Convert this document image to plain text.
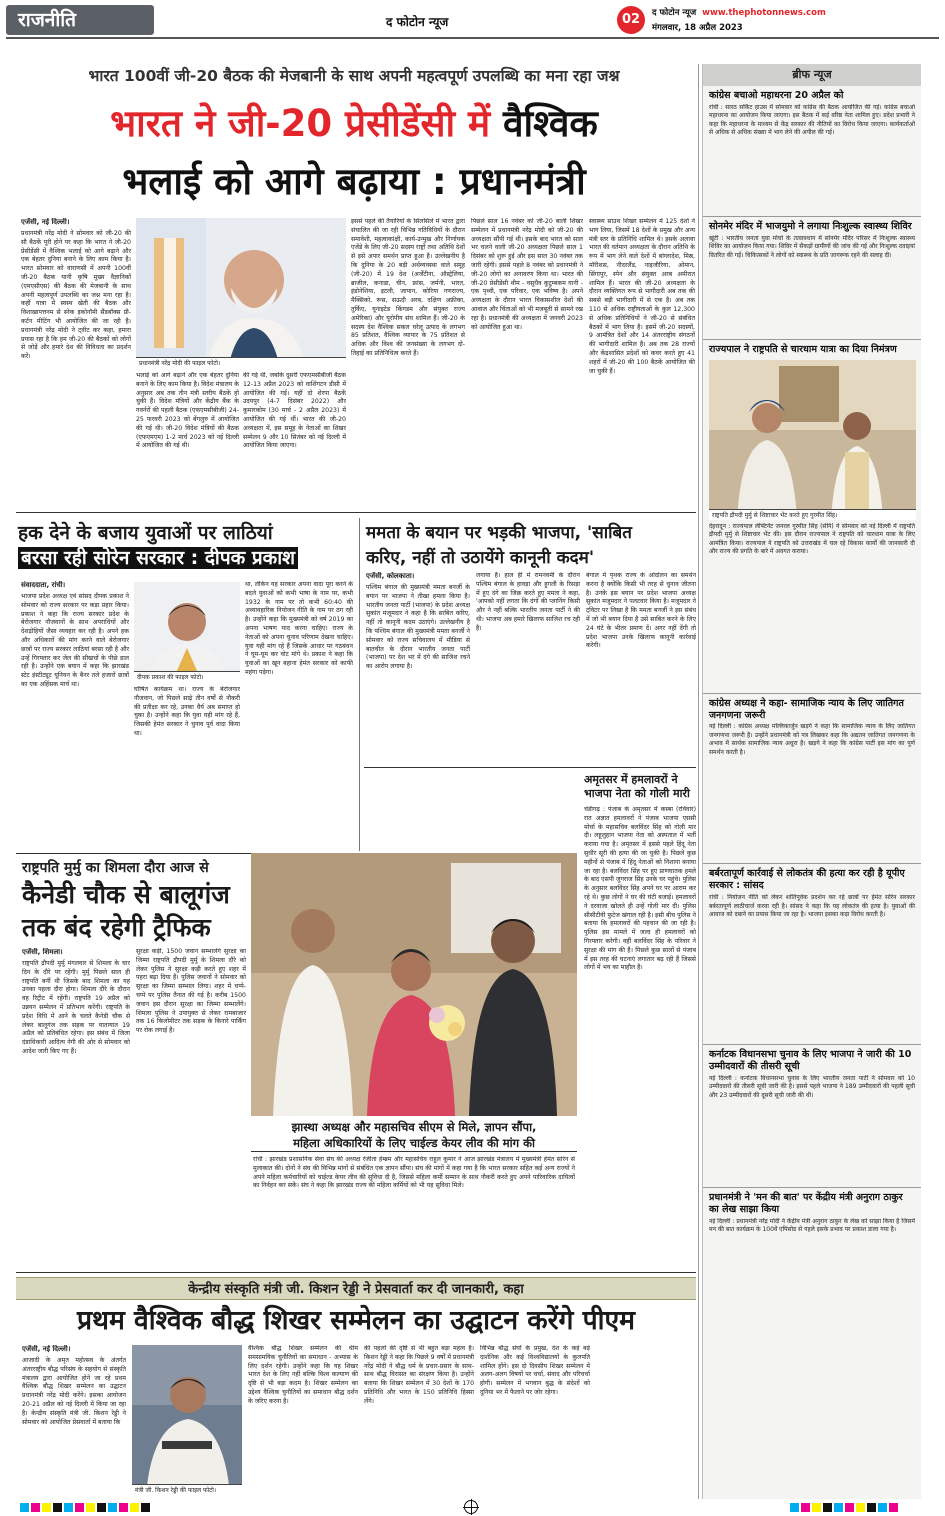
राजनीति	द फोटोन न्यूज	02	द फोटोन न्यूज www.thephotonnews.com
मंगलवार, 18 अप्रैल 2023
भारत 100वीं जी-20 बैठक की मेजबानी के साथ अपनी महत्वपूर्ण उपलब्धि का मना रहा जश्न
भारत ने जी-20 प्रेसीडेंसी में वैश्विक
भलाई को आगे बढ़ाया : प्रधानमंत्री
एजेंसी, नई दिल्ली।

प्रधानमंत्री नरेंद्र मोदी ने सोमवार को जी-20 की सौ बैठकें पूरी होने पर कहा कि भारत ने जी-20 प्रेसीडेंसी में वैश्विक भलाई को आगे बढ़ाने और एक बेहतर दुनिया बनाने के लिए काम किया है। भारत सोमवार को वाराणसी में अपनी 100वीं जी-20 बैठक यानी कृषि मुख्य वैज्ञानिकों (एमएसीएस) की बैठक की मेजबानी के साथ अपनी महत्वपूर्ण उपलब्धि का जश्न मना रहा है। कहीं यात्रा में स्वस्थ खेती की बैठक और विशाखापत्तनम से स्नेक इकोनॉमी सैंडबॉक्स प्री-कर्टन मीटिंग भी आयोजित की जा रही है। प्रधानमंत्री नरेंद्र मोदी ने ट्वीट कर कहा, हमारा प्रयास रहा है कि हम जी-20 की बैठकों को लोगों से जोड़ें और हमारे देश की विविधता का प्रदर्शन करें।

प्रधानमंत्री नरेंद्र मोदी की फाइल फोटो।

भलाई को आगे बढ़ाने और एक बेहतर दुनिया बनाने के लिए काम किया है। विदेश मंत्रालय के अनुसार अब तक तीन मंत्री स्तरीय बैठकें हो चुकी हैं। विदेश मंत्रियों और केंद्रीय बैंक के गवर्नरों की पहली बैठक (एफएमसीबीजी) 24-25 फरवरी 2023 को बेंगलुरु में आयोजित की गई थी। जी-20 विदेश मंत्रियों की बैठक (एफएमएम) 1-2 मार्च 2023 को नई दिल्ली में आयोजित की गई थी।

की गई थी, जबकि दूसरी एफएमसीबीजी बैठक 12-13 अप्रैल 2023 को वाशिंगटन डीसी में आयोजित की गई। यहीं दो शेरपा बैठकें उदयपुर (4-7 दिसंबर 2022) और कुमारकोम (30 मार्च - 2 अप्रैल 2023) में आयोजित की गई थीं। भारत की जी-20 अध्यक्षता में, इस समूह के नेताओं का शिखर सम्मेलन 9 और 10 सितंबर को नई दिल्ली में आयोजित किया जाएगा।

इससे पहले की तैयारियों के सिलसिले में भारत द्वारा संचालित की जा रही विभिन्न गतिविधियों के दौरान समावेशी, महत्वाकांक्षी, कार्य-उन्मुख और निर्णायक एजेंडे के लिए जी-20 सदस्य राष्ट्रों तथा अतिथि देशों से इसे अपार समर्थन प्राप्त हुआ है। उल्लेखनीय है कि दुनिया के 20 बड़ी अर्थव्यवस्था वाले समूह (जी-20) में 19 देश (अर्जेंटीना, ऑस्ट्रेलिया, ब्राजील, कनाडा, चीन, फ्रांस, जर्मनी, भारत, इंडोनेशिया, इटली, जापान, कोरिया गणराज्य, मैक्सिको, रूस, सऊदी अरब, दक्षिण अफ्रीका, तुर्किए, यूनाइटेड किंगडम और संयुक्त राज्य अमेरिका) और यूरोपीय संघ शामिल हैं। जी-20 के सदस्य देश वैश्विक सकल घरेलू उत्पाद के लगभग 85 प्रतिशत, वैश्विक व्यापार के 75 प्रतिशत से अधिक और विश्व की जनसंख्या के लगभग दो-तिहाई का प्रतिनिधित्व करते हैं।

पिछले साल 16 नवंबर को जी-20 बाली शिखर सम्मेलन में प्रधानमंत्री नरेंद्र मोदी को जी-20 की अध्यक्षता सौंपी गई थी। इसके बाद भारत को साल भर चलने वाली जी-20 अध्यक्षता पिछले साल 1 दिसंबर को शुरू हुई और इस साल 30 नवंबर तक जारी रहेगी। इससे पहले 8 नवंबर को प्रधानमंत्री ने जी-20 लोगो का अनावरण किया था। भारत की जी-20 प्रेसीडेंसी थीम - वसुधैव कुटुम्बकम यानी - एक पृथ्वी, एक परिवार, एक भविष्य है। अपने अध्यक्षता के दौरान भारत विकासशील देशों की आवाज और चिंताओं को भी मजबूती से सामने रख रहा है। प्रधानमंत्री की अध्यक्षता में जनवरी 2023 को आयोजित हुआ था।

स्वास्थ्य साउथ शिखर सम्मेलन में 125 देशों ने भाग लिया, जिसमें 18 देशों के प्रमुख और अन्य मंत्री स्तर के प्रतिनिधि शामिल थे। इसके अलावा भारत की वर्तमान अध्यक्षता के दौरान अतिथि के रूप में भाग लेने वाले देशों में बांग्लादेश, मिस्र, मॉरीशस, नीदरलैंड, नाइजीरिया, ओमान, सिंगापुर, स्पेन और संयुक्त अरब अमीरात शामिल हैं। भारत की जी-20 अध्यक्षता के दौरान व्यक्तिगत रूप से भागीदारी अब तक की सबसे बड़ी भागीदारी में से एक है। अब तक 110 से अधिक राष्ट्रीयताओं के कुल 12,300 से अधिक प्रतिनिधियों ने जी-20 से संबंधित बैठकों में भाग लिया है। इसमें जी-20 सदस्यों, 9 आमंत्रित देशों और 14 अंतरराष्ट्रीय संगठनों की भागीदारी शामिल है। अब तक 28 राज्यों और केंद्रशासित प्रदेशों को कवर करते हुए 41 शहरों में जी-20 की 100 बैठकें आयोजित की जा चुकी हैं।

हक देने के बजाय युवाओं पर लाठियां
बरसा रही सोरेन सरकार : दीपक प्रकाश
संवाददाता, रांची।

भाजपा प्रदेश अध्यक्ष एवं सांसद दीपक प्रकाश ने सोमवार को राज्य सरकार पर कड़ा प्रहार किया। प्रकाश ने कहा कि राज्य सरकार प्रदेश के बेरोजगार नौजवानों के साथ अपराधियों और देशद्रोहियों जैसा व्यवहार कर रही है। अपने हक और अधिकारों की मांग करने वाले बेरोजगार छात्रों पर राज्य सरकार लाठियां बरसा रही है और उन्हें गिरफ्तार कर जेल की सीखचों के पीछे डाल रही है। उन्होंने एक बयान में कहा कि झारखंड स्टेट इंस्टीट्यूट यूनियन के बैनर तले हजारों छात्रों का एक अहिंसक मार्च था।

दीपक प्रकाश की फाइल फोटो।

घोषित कार्यक्रम था। राज्य के बेरोजगार नौजवान, जो पिछले साढ़े तीन वर्षों से नौकरी की प्रतीक्षा कर रहे, उनका धैर्य अब समाप्त हो चुका है। उन्होंने कहा कि युवा यही मांग रहे हैं, जिसकी हेमंत सरकार ने चुनाव पूर्व वादा किया था।

था, लेकिन यह सरकार अपना वादा पूरा करने के बदले युवाओं को कभी भाषा के नाम पर, कभी 1932 के नाम पर तो कभी 60:40 की अव्यावहारिक नियोजन नीति के नाम पर ठग रही है। उन्होंने कहा कि मुख्यमंत्री को वर्ष 2019 का अपना भाषण याद करना चाहिए। राज्य के नेताओं को अपना चुनाव परिणाम देखना चाहिए। युवा यही मांग रहे हैं जिसके आधार पर गठबंधन ने घूम-घूम कर वोट मांगे थे। प्रकाश ने कहा कि युवाओं का खून बहाना हेमंत सरकार को काफी महंगा पड़ेगा।

ममता के बयान पर भड़की भाजपा, 'साबित
करिए, नहीं तो उठायेंगे कानूनी कदम'
एजेंसी, कोलकाता।

पश्चिम बंगाल की मुख्यमंत्री ममता बनर्जी के बयान पर भाजपा ने तीखा हमला किया है। भारतीय जनता पार्टी (भाजपा) के प्रदेश अध्यक्ष सुकांत मजूमदार ने कहा है कि साबित करिए, नहीं तो कानूनी कदम उठाएंगे। उल्लेखनीय है कि पश्चिम बंगाल की मुख्यमंत्री ममता बनर्जी ने सोमवार को राज्य सचिवालय में मीडिया से बातचीत के दौरान भारतीय जनता पार्टी (भाजपा) पर देश भर में दंगे की साजिश रचने का आरोप लगाया है।

लगाया है। हाल ही में रामनवमी के दौरान पश्चिम बंगाल के हावड़ा और हुगली के रिसड़ा में हुए दंगे का जिक्र करते हुए ममता ने कहा, 'आपको नहीं लगता कि दंगों की प्लानिंग किसी और ने नहीं बल्कि भारतीय जनता पार्टी ने की थी। भाजपा अब हमारे खिलाफ साजिश रच रही है।

बंगाल में पृथक राज्य के आंदोलन का समर्थन करना है क्योंकि किसी भी तरह से चुनाव जीतना है। उनके इस बयान पर प्रदेश भाजपा अध्यक्ष सुकांत मजूमदार ने पलटवार किया है। मजूमदार ने ट्विटर पर लिखा है कि ममता बनर्जी ने इस संबंध में जो भी बयान दिया है उसे साबित करने के लिए 24 घंटे के भीतर प्रमाण दें। अगर नहीं देंगी तो प्रदेश भाजपा उनके खिलाफ कानूनी कार्रवाई करेगी।

राष्ट्रपति मुर्मु का शिमला दौरा आज से
कैनेडी चौक से बालूगंज
तक बंद रहेगी ट्रैफिक
एजेंसी, शिमला।

राष्ट्रपति द्रौपदी मुर्मु मंगलवार से शिमला के चार दिन के दौरे पर रहेंगी। मुर्मु पिछले साल ही राष्ट्रपति बनीं थी जिसके बाद शिमला का यह उनका पहला दौरा होगा। शिमला दौरे के दौरान वह रिट्रीट में रहेंगी। राष्ट्रपति 19 अप्रैल को उन्नयन सम्मेलन में प्रतिभाग करेंगी। राष्ट्रपति के प्रदेश विधि में आने के चलते कैनेडी चौक से लेकर बालूगंज तक सड़क पर यातायात 19 अप्रैल को प्रतिबंधित रहेगा। इस संबंध में जिला दंडाधिकारी आदित्य नेगी की ओर से सोमवार को आदेश जारी किए गए हैं।

सुरक्षा कड़ी, 1500 जवान सम्भालेंगे सुरक्षा का जिम्मा राष्ट्रपति द्रौपदी मुर्मु के शिमला दौरे को लेकर पुलिस ने सुरक्षा कड़ी करते हुए शहर में पहरा बढ़ा दिया है। पुलिस जवानों ने सोमवार को सुरक्षा का जिम्मा सम्भाल लिया। शहर में चप्पे-चप्पे पर पुलिस तैनात की गई है। करीब 1500 जवान इस दौरान सुरक्षा का जिम्मा सम्भालेंगे। शिमला पुलिस ने उपायुक्त से लेकर रामबाजार तक 16 किलोमीटर तक सड़क के किनारे पार्किंग पर रोक लगाई है।

झास्था अध्यक्ष और महासचिव सीएम से मिले, ज्ञापन सौंपा,
महिला अधिकारियों के लिए चाईल्ड केयर लीव की मांग की
रांची : झारखंड प्रशासनिक सेवा संघ की अध्यक्ष रंजीता हेम्ब्रम और महासचिव राहुल कुमार ने आज झारखंड मंत्रालय में मुख्यमंत्री हेमंत सोरेन से मुलाकात की। दोनों ने संघ की विभिन्न मांगों से संबंधित एक ज्ञापन सौंपा। संघ की मांगों में कहा गया है कि भारत सरकार सहित कई अन्य राज्यों ने अपने महिला कर्मचारियों को चाईल्ड केयर लीव की सुविधा दी है, जिससे महिला कर्मी सम्मान के साथ नौकरी करते हुए अपने पारिवारिक दायित्वों का निर्वहन कर सकें। संघ ने कहा कि झारखंड राज्य की महिला कर्मियों को भी यह सुविधा मिले।
अमृतसर में हमलावरों ने
भाजपा नेता को गोली मारी
चंडीगढ़ : पंजाब के अमृतसर में कस्बा (रविवार) रात अज्ञात हमलावरों ने पंजाब भाजपा एससी मोर्चा के महासचिव बलविंदर सिंह को गोली मार दी। लहूलुहान भाजपा नेता को अस्पताल में भर्ती कराया गया है। अमृतसर में इससे पहले हिंदू नेता सुधीर सूरी की हत्या की जा चुकी है। पिछले कुछ महीनों से पंजाब में हिंदू नेताओं को निशाना बनाया जा रहा है। बलविंदर सिंह पर हुए प्राणघातक हमले के बाद एसपी जुगराज सिंह उनके घर पहुंचे। पुलिस के अनुसार बलविंदर सिंह अपने घर पर आराम कर रहे थे। कुछ लोगों ने घर की घंटी बजाई। हमलावरों ने दरवाजा खोलते ही उन्हें गोली मार दी। पुलिस सीसीटीवी फुटेज खंगाल रही है। इसी बीच पुलिस ने बताया कि हमलावरों की पहचान की जा रही है। पुलिस इस मामले में जल्द ही हमलावरों को गिरफ्तार करेगी। वहीं बलविंदर सिंह के परिवार ने सुरक्षा की मांग की है। पिछले कुछ सालों से पंजाब में इस तरह की घटनाएं लगातार बढ़ रही हैं जिससे लोगों में भय का माहौल है।
केन्द्रीय संस्कृति मंत्री जी. किशन रेड्डी ने प्रेसवार्ता कर दी जानकारी, कहा
प्रथम वैश्विक बौद्ध शिखर सम्मेलन का उद्घाटन करेंगे पीएम
एजेंसी, नई दिल्ली।

आजादी के अमृत महोत्सव के अंतर्गत अंतरराष्ट्रीय बौद्ध परिसंघ के सहयोग से संस्कृति मंत्रालय द्वारा आयोजित होने जा रहे प्रथम वैश्विक बौद्ध शिखर सम्मेलन का उद्घाटन प्रधानमंत्री नरेंद्र मोदी करेंगे। इसका आयोजन 20-21 अप्रैल को नई दिल्ली में किया जा रहा है। केन्द्रीय संस्कृति मंत्री जी. किशन रेड्डी ने सोमवार को आयोजित प्रेसवार्ता में बताया कि

मंत्री जी. किशन रेड्डी की फाइल फोटो।

वैश्विक बौद्ध शिखर सम्मेलन की थीम समसामयिक चुनौतियों का समाधान - अभ्यास के लिए दर्शन रहेगी। उन्होंने कहा कि यह शिखर भारत देश के लिए नहीं बल्कि विश्व कल्याण की दृष्टि से भी बड़ा कदम है। शिखर सम्मेलन का उद्देश्य वैश्विक चुनौतियों का समाधान बौद्ध दर्शन के जरिए करना है।

की पहलों की दृष्टि से भी बहुत बड़ा महत्व है। किशन रेड्डी ने कहा कि पिछले 9 वर्षों में प्रधानमंत्री नरेंद्र मोदी ने बौद्ध धर्म के प्रचार-प्रसार के साथ-साथ बौद्ध विरासत का संरक्षण किया है। उन्होंने बताया कि शिखर सम्मेलन में 30 देशों के 170 प्रतिनिधि और भारत के 150 प्रतिनिधि हिस्सा लेंगे।

विभिन्न बौद्ध संघों के प्रमुख, देश के कई बड़े दार्शनिक और कई विश्वविद्यालयों के कुलपति शामिल होंगे। इस दो दिवसीय शिखर सम्मेलन में अलग-अलग विषयों पर चर्चा, संवाद और परिचर्चा होगी। सम्मेलन में भगवान बुद्ध के संदेशों को दुनिया भर में फैलाने पर जोर रहेगा।

ब्रीफ न्यूज
कांग्रेस बचाओ महाधरना 20 अप्रैल को
रांची : सारठ सर्किट हाउस में सोमवार को कांग्रेस की बैठक आयोजित की गई। कांग्रेस बचाओ महाधरना का आयोजन किया जाएगा। इस बैठक में कई वरिष्ठ नेता शामिल हुए। प्रदेश प्रभारी ने कहा कि महाधरना के माध्यम से केंद्र सरकार की नीतियों का विरोध किया जाएगा। कार्यकर्ताओं से अधिक से अधिक संख्या में भाग लेने की अपील की गई।
सोनमेर मंदिर में भाजयुमो ने लगाया निःशुल्क स्वास्थ्य शिविर
खूंटी : भारतीय जनता युवा मोर्चा के तत्वावधान में सोनमेर मंदिर परिसर में निःशुल्क स्वास्थ्य शिविर का आयोजन किया गया। शिविर में सैकड़ों ग्रामीणों की जांच की गई और निःशुल्क दवाइयां वितरित की गईं। चिकित्सकों ने लोगों को स्वास्थ्य के प्रति जागरूक रहने की सलाह दी।
राज्यपाल ने राष्ट्रपति से चारधाम यात्रा का दिया निमंत्रण
राष्ट्रपति द्रौपदी मुर्मु से शिष्टाचार भेंट करते हुए गुरमीत सिंह।
देहरादून : राज्यपाल लेफ्टिनेंट जनरल गुरमीत सिंह (सेनि) ने सोमवार को नई दिल्ली में राष्ट्रपति द्रौपदी मुर्मु से शिष्टाचार भेंट की। इस दौरान राज्यपाल ने राष्ट्रपति को चारधाम यात्रा के लिए आमंत्रित किया। राज्यपाल ने राष्ट्रपति को उत्तराखंड में चल रहे विकास कार्यों की जानकारी दी और राज्य की प्रगति के बारे में अवगत कराया।
कांग्रेस अध्यक्ष ने कहा- सामाजिक न्याय के लिए जातिगत जनगणना जरूरी
नई दिल्ली : कांग्रेस अध्यक्ष मल्लिकार्जुन खड़गे ने कहा कि सामाजिक न्याय के लिए जातिगत जनगणना जरूरी है। उन्होंने प्रधानमंत्री को पत्र लिखकर कहा कि अद्यतन जातिगत जनगणना के अभाव में सार्थक सामाजिक न्याय अधूरा है। खड़गे ने कहा कि कांग्रेस पार्टी इस मांग का पूर्ण समर्थन करती है।
बर्बरतापूर्ण कार्रवाई से लोकतंत्र की हत्या कर रही है यूपीए सरकार : सांसद
रांची : नियोजन नीति को लेकर शांतिपूर्वक प्रदर्शन कर रहे छात्रों पर हेमंत सोरेन सरकार बर्बरतापूर्ण लाठीचार्ज करवा रही है। सांसद ने कहा कि यह लोकतंत्र की हत्या है। युवाओं की आवाज को दबाने का प्रयास किया जा रहा है। भाजपा इसका कड़ा विरोध करती है।
कर्नाटक विधानसभा चुनाव के लिए भाजपा ने जारी की 10 उम्मीदवारों की तीसरी सूची
नई दिल्ली : कर्नाटक विधानसभा चुनाव के लिए भारतीय जनता पार्टी ने सोमवार को 10 उम्मीदवारों की तीसरी सूची जारी की है। इससे पहले भाजपा ने 189 उम्मीदवारों की पहली सूची और 23 उम्मीदवारों की दूसरी सूची जारी की थी।
प्रधानमंत्री ने 'मन की बात' पर केंद्रीय मंत्री अनुराग ठाकुर का लेख साझा किया
नई दिल्ली : प्रधानमंत्री नरेंद्र मोदी ने केंद्रीय मंत्री अनुराग ठाकुर के लेख को साझा किया है जिसमें मन की बात कार्यक्रम के 100वें एपिसोड से पहले इसके प्रभाव पर प्रकाश डाला गया है।
